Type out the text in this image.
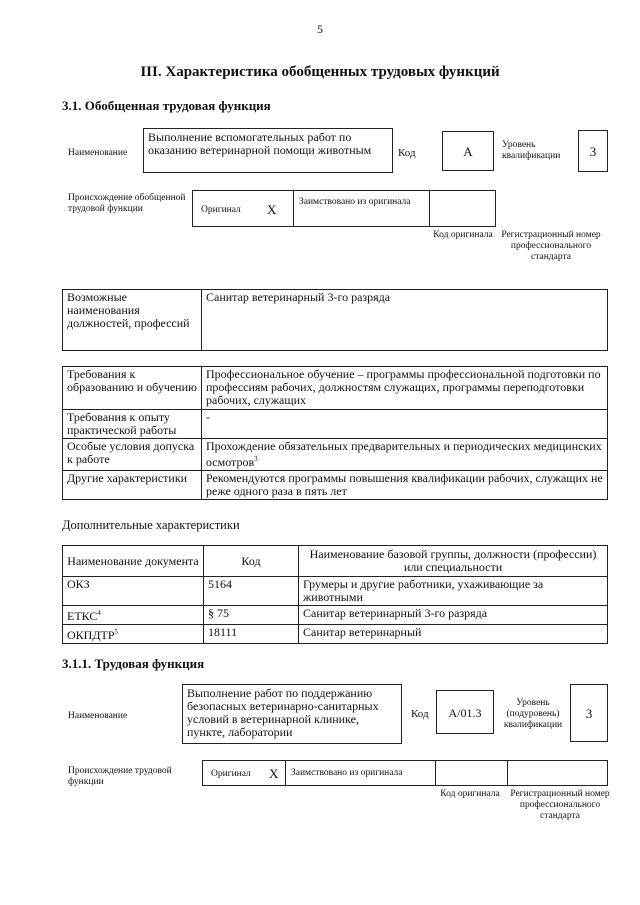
5
III. Характеристика обобщенных трудовых функций
3.1. Обобщенная трудовая функция
Наименование
Выполнение вспомогательных работ по оказанию ветеринарной помощи животным	Код	А	Уровень квалификации	3
Происхождение обобщенной трудовой функции	Оригинал X Заимствовано из оригинала
Код оригинала Регистрационный номер профессионального стандарта
Возможные наименования должностей, профессий	Санитар ветеринарный 3-го разряда
Требования к образованию и обучению	Профессиональное обучение – программы профессиональной подготовки по профессиям рабочих, должностям служащих, программы переподготовки рабочих, служащих
Требования к опыту практической работы	-
Особые условия допуска к работе	Прохождение обязательных предварительных и периодических медицинских осмотров$^3$
Другие характеристики	Рекомендуются программы повышения квалификации рабочих, служащих не реже одного раза в пять лет
Дополнительные характеристики
Наименование документа	Код	Наименование базовой группы, должности (профессии) или специальности
ОКЗ	5164	Грумеры и другие работники, ухаживающие за животными
ЕТКС$^4$	§ 75	Санитар ветеринарный 3-го разряда
ОКПДТР$^5$	18111	Санитар ветеринарный
3.1.1. Трудовая функция
Наименование
Выполнение работ по поддержанию безопасных ветеринарно-санитарных условий в ветеринарной клинике, пункте, лаборатории
Код	А/01.3
Уровень (подуровень) квалификации
3
Происхождение трудовой функции
Оригинал X Заимствовано из оригинала
Код оригинала	Регистрационный номер профессионального стандарта
